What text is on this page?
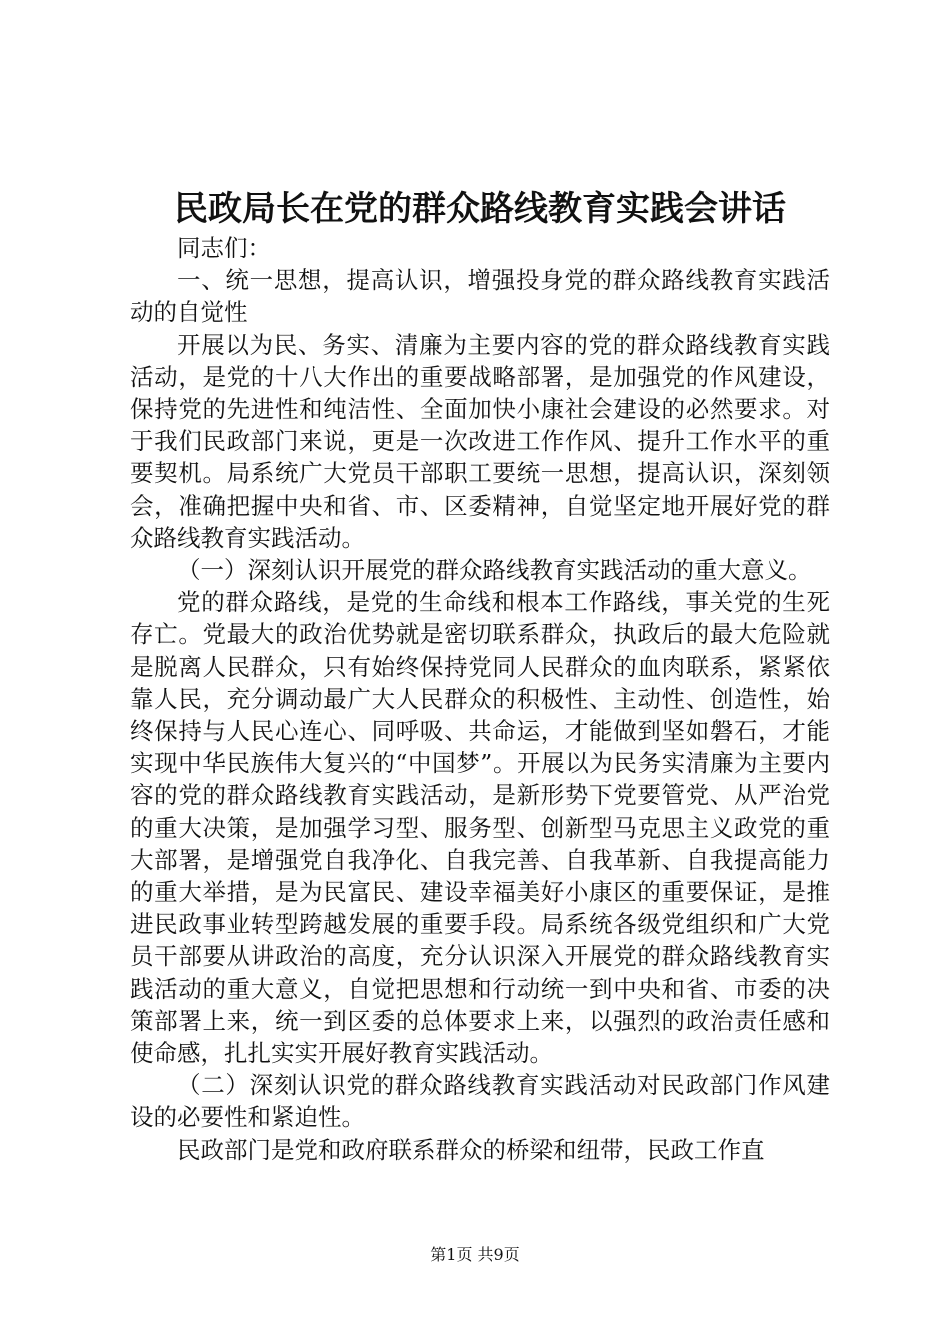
民政局长在党的群众路线教育实践会讲话

同志们：

一、统一思想，提高认识，增强投身党的群众路线教育实践活动的自觉性

开展以为民、务实、清廉为主要内容的党的群众路线教育实践活动，是党的十八大作出的重要战略部署，是加强党的作风建设，保持党的先进性和纯洁性、全面加快小康社会建设的必然要求。对于我们民政部门来说，更是一次改进工作作风、提升工作水平的重要契机。局系统广大党员干部职工要统一思想，提高认识，深刻领会，准确把握中央和省、市、区委精神，自觉坚定地开展好党的群众路线教育实践活动。

（一）深刻认识开展党的群众路线教育实践活动的重大意义。

党的群众路线，是党的生命线和根本工作路线，事关党的生死存亡。党最大的政治优势就是密切联系群众，执政后的最大危险就是脱离人民群众，只有始终保持党同人民群众的血肉联系，紧紧依靠人民，充分调动最广大人民群众的积极性、主动性、创造性，始终保持与人民心连心、同呼吸、共命运，才能做到坚如磐石，才能实现中华民族伟大复兴的“中国梦”。开展以为民务实清廉为主要内容的党的群众路线教育实践活动，是新形势下党要管党、从严治党的重大决策，是加强学习型、服务型、创新型马克思主义政党的重大部署，是增强党自我净化、自我完善、自我革新、自我提高能力的重大举措，是为民富民、建设幸福美好小康区的重要保证，是推进民政事业转型跨越发展的重要手段。局系统各级党组织和广大党员干部要从讲政治的高度，充分认识深入开展党的群众路线教育实践活动的重大意义，自觉把思想和行动统一到中央和省、市委的决策部署上来，统一到区委的总体要求上来，以强烈的政治责任感和使命感，扎扎实实开展好教育实践活动。

（二）深刻认识党的群众路线教育实践活动对民政部门作风建设的必要性和紧迫性。

民政部门是党和政府联系群众的桥梁和纽带，民政工作直

第1页 共9页
